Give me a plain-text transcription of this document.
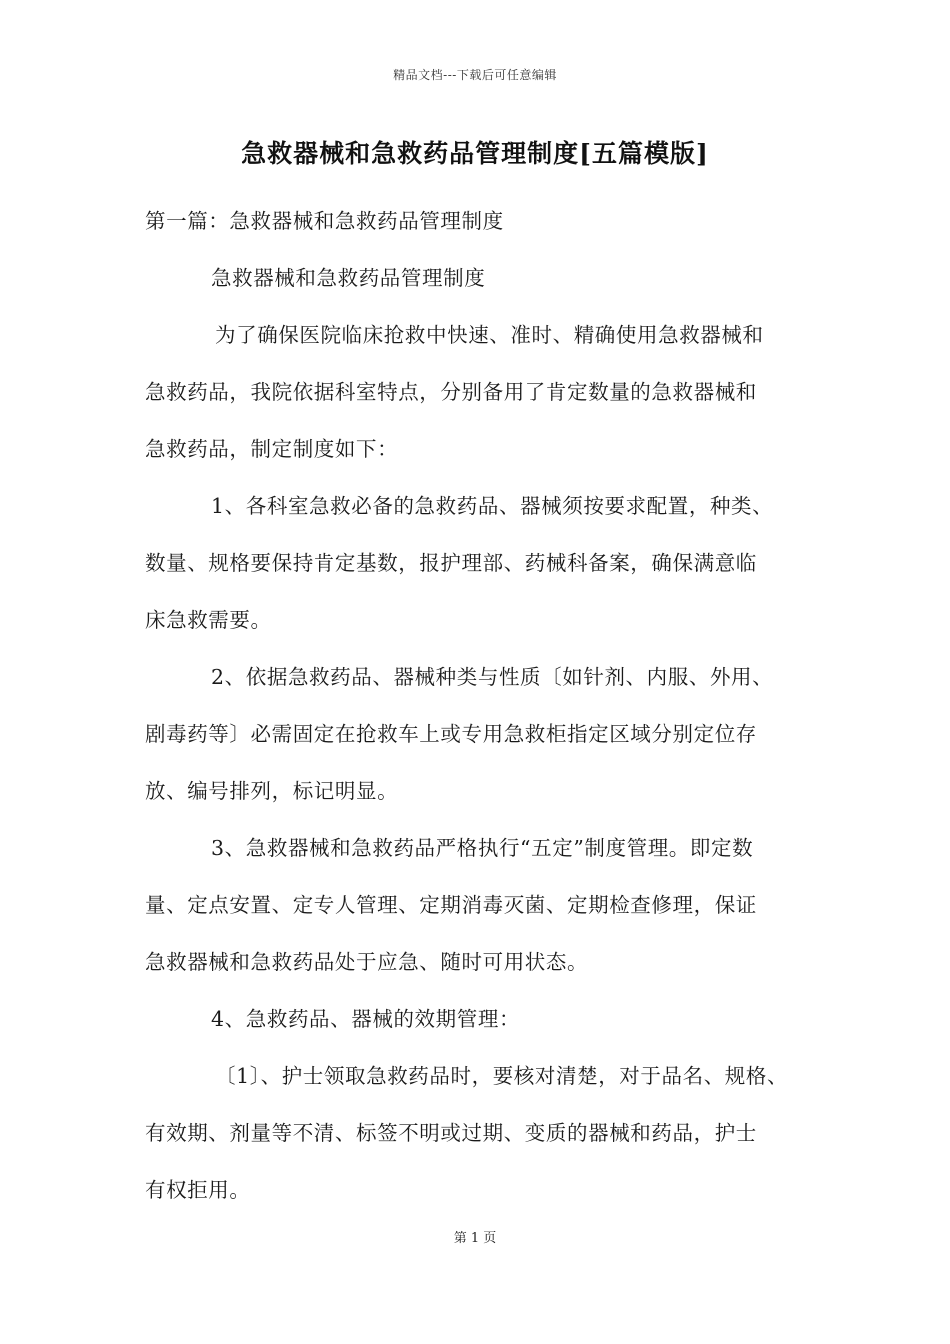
精品文档---下载后可任意编辑
急救器械和急救药品管理制度[五篇模版]
第一篇：急救器械和急救药品管理制度
急救器械和急救药品管理制度
为了确保医院临床抢救中快速、准时、精确使用急救器械和
急救药品，我院依据科室特点，分别备用了肯定数量的急救器械和
急救药品，制定制度如下：
1、各科室急救必备的急救药品、器械须按要求配置，种类、
数量、规格要保持肯定基数，报护理部、药械科备案，确保满意临
床急救需要。
2、依据急救药品、器械种类与性质〔如针剂、内服、外用、
剧毒药等〕必需固定在抢救车上或专用急救柜指定区域分别定位存
放、编号排列，标记明显。
3、急救器械和急救药品严格执行“五定”制度管理。即定数
量、定点安置、定专人管理、定期消毒灭菌、定期检查修理，保证
急救器械和急救药品处于应急、随时可用状态。
4、急救药品、器械的效期管理：
〔1〕、护士领取急救药品时，要核对清楚，对于品名、规格、
有效期、剂量等不清、标签不明或过期、变质的器械和药品，护士
有权拒用。
第 1 页
